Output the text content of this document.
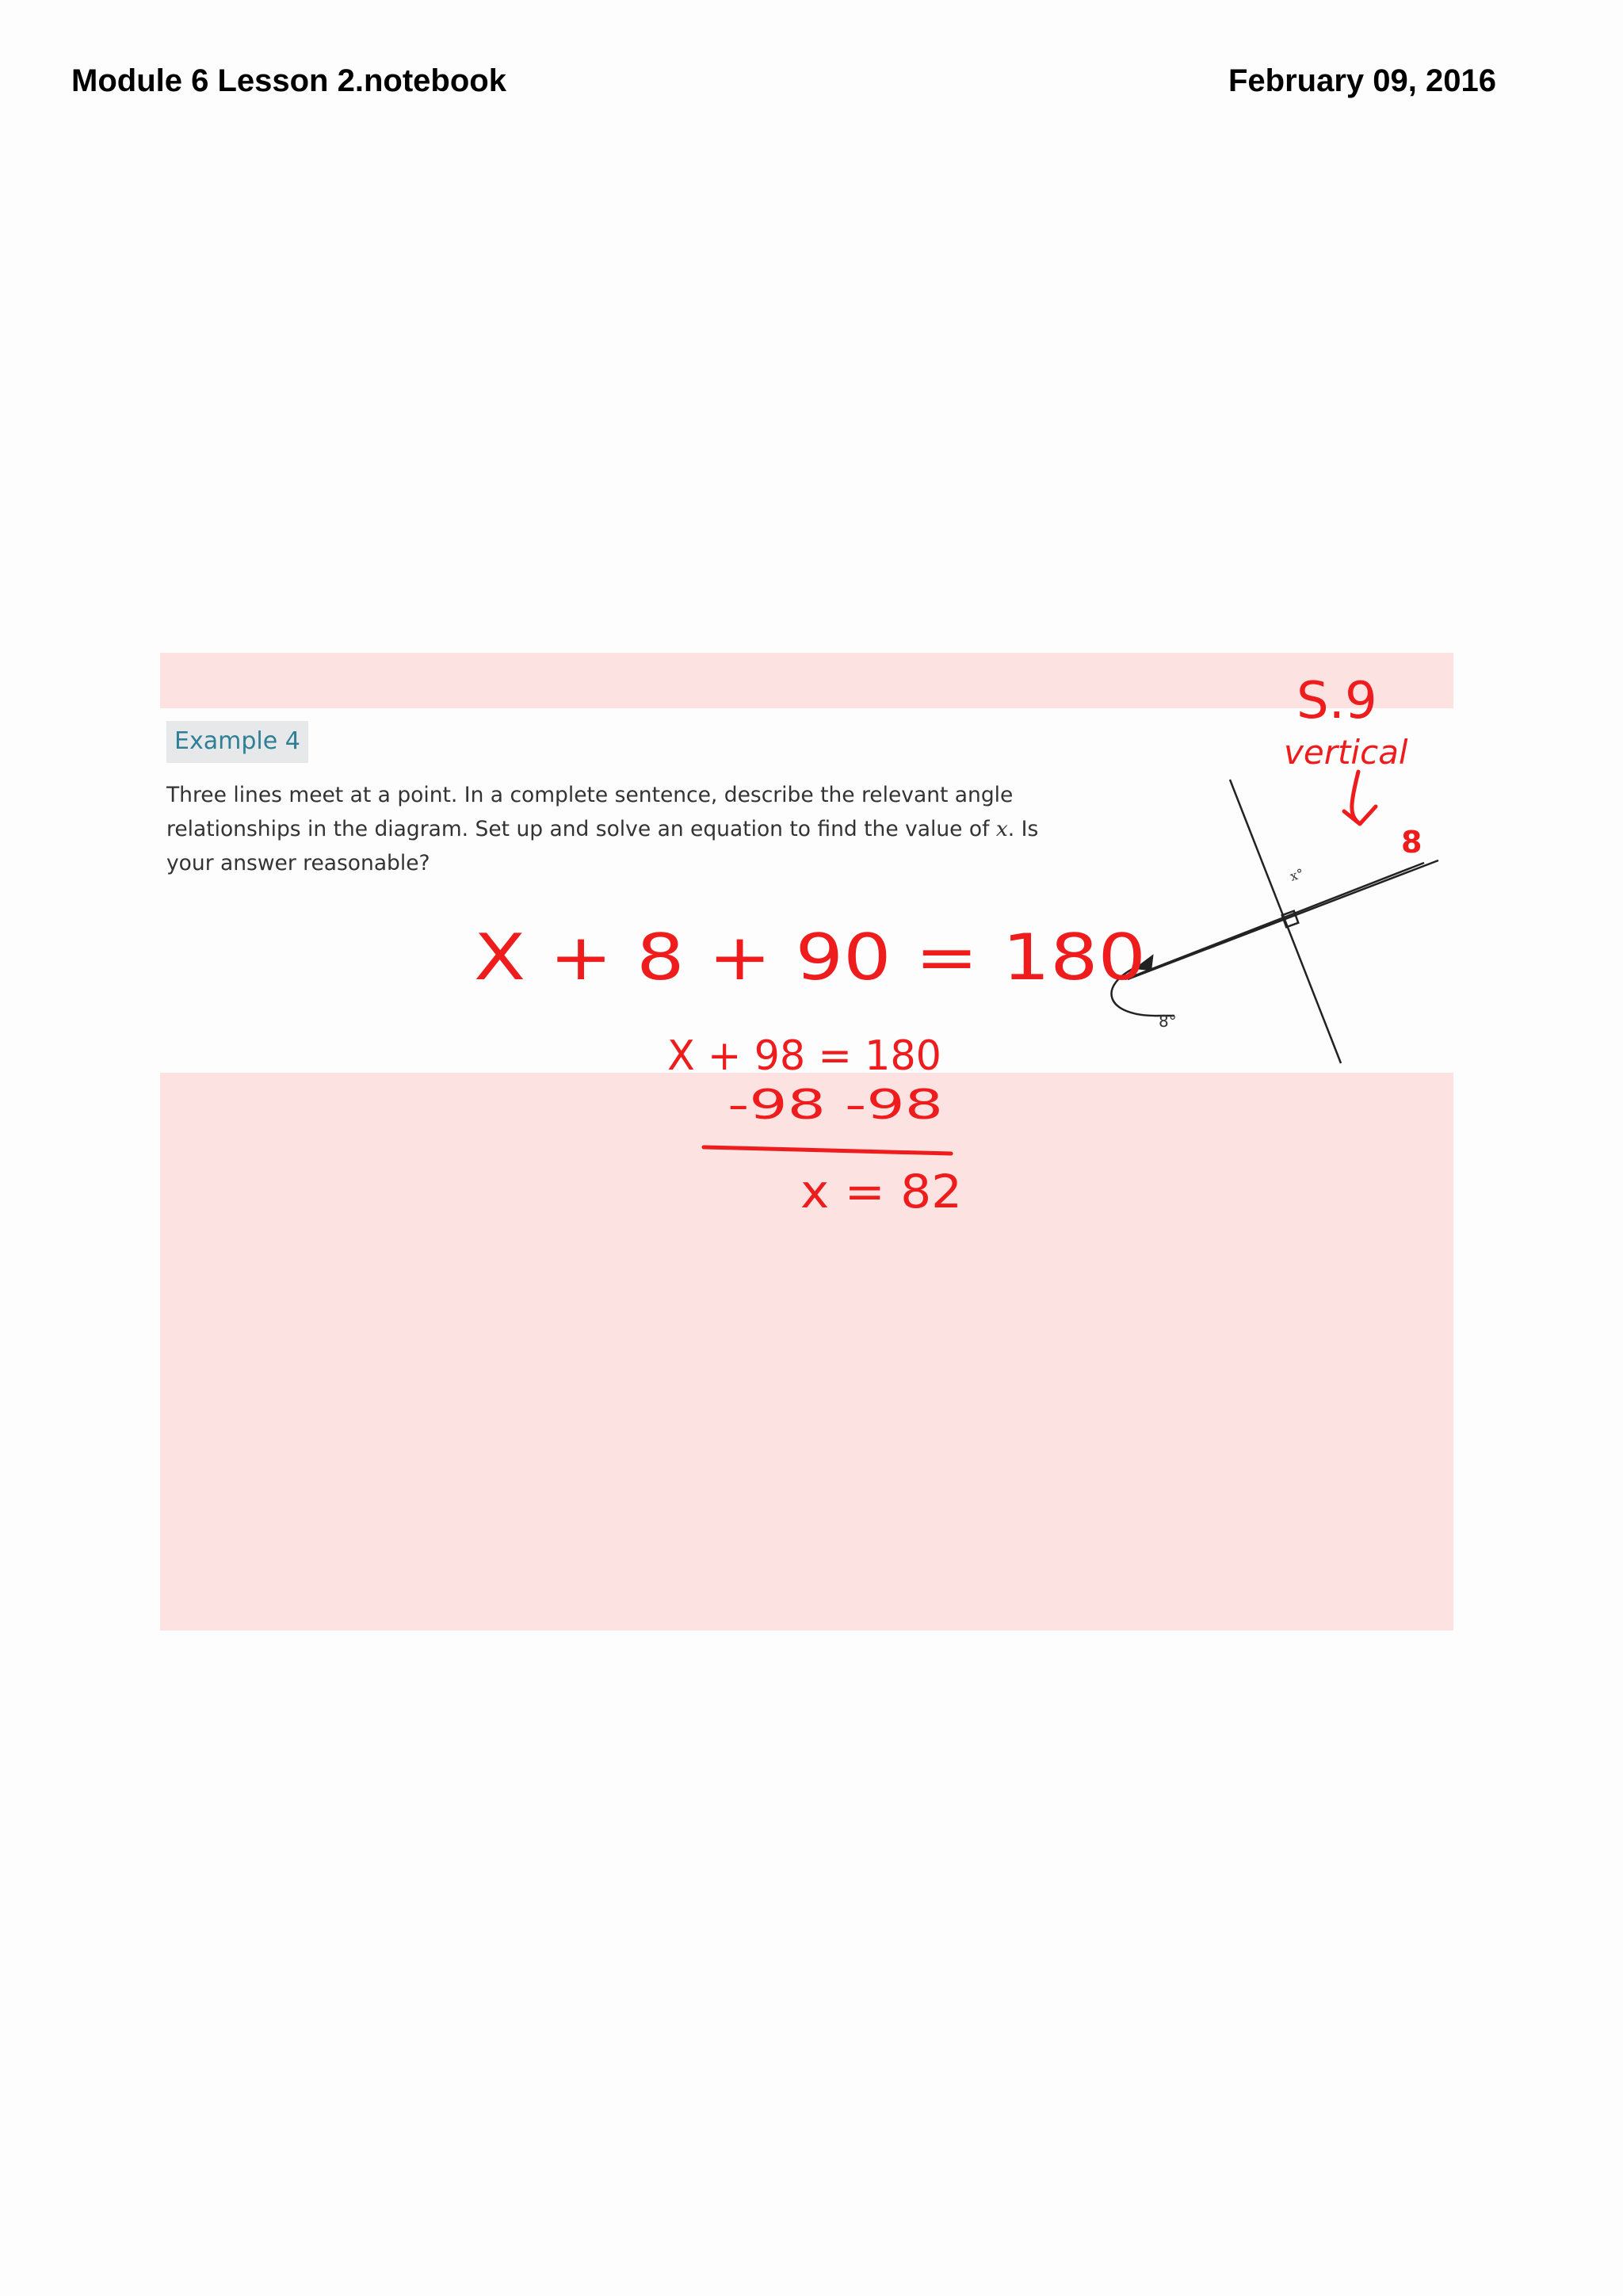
Module 6 Lesson 2.notebook	February 09, 2016
Example 4
Three lines meet at a point. In a complete sentence, describe the relevant angle relationships in the diagram. Set up and solve an equation to find the value of x. Is your answer reasonable?	x°
8°
S.9
vertical
8
X + 8 + 90 = 180
X + 98 = 180
-98 -98
x = 82
